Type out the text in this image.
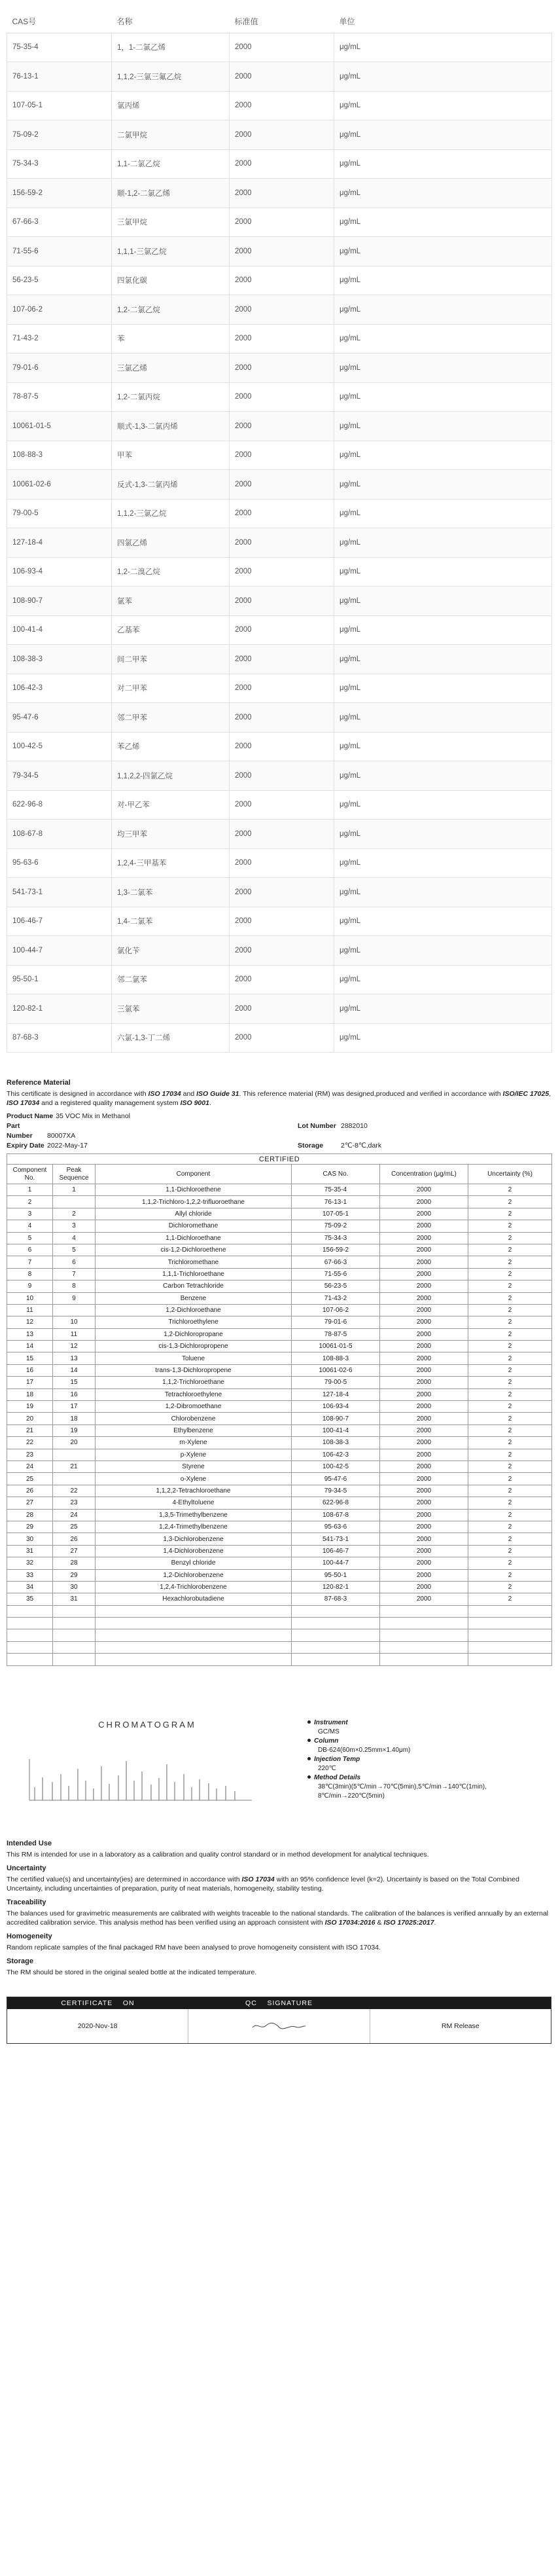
CAS号	名称	标准值	单位
75-35-4	1，1-二氯乙烯	2000	μg/mL
76-13-1	1,1,2-三氯三氟乙烷	2000	μg/mL
107-05-1	氯丙烯	2000	μg/mL
75-09-2	二氯甲烷	2000	μg/mL
75-34-3	1,1-二氯乙烷	2000	μg/mL
156-59-2	顺-1,2-二氯乙烯	2000	μg/mL
67-66-3	三氯甲烷	2000	μg/mL
71-55-6	1,1,1-三氯乙烷	2000	μg/mL
56-23-5	四氯化碳	2000	μg/mL
107-06-2	1,2-二氯乙烷	2000	μg/mL
71-43-2	苯	2000	μg/mL
79-01-6	三氯乙烯	2000	μg/mL
78-87-5	1,2-二氯丙烷	2000	μg/mL
10061-01-5	顺式-1,3-二氯丙烯	2000	μg/mL
108-88-3	甲苯	2000	μg/mL
10061-02-6	反式-1,3-二氯丙烯	2000	μg/mL
79-00-5	1,1,2-三氯乙烷	2000	μg/mL
127-18-4	四氯乙烯	2000	μg/mL
106-93-4	1,2-二溴乙烷	2000	μg/mL
108-90-7	氯苯	2000	μg/mL
100-41-4	乙基苯	2000	μg/mL
108-38-3	间二甲苯	2000	μg/mL
106-42-3	对二甲苯	2000	μg/mL
95-47-6	邻二甲苯	2000	μg/mL
100-42-5	苯乙烯	2000	μg/mL
79-34-5	1,1,2,2-四氯乙烷	2000	μg/mL
622-96-8	对-甲乙苯	2000	μg/mL
108-67-8	均三甲苯	2000	μg/mL
95-63-6	1,2,4-三甲基苯	2000	μg/mL
541-73-1	1,3-二氯苯	2000	μg/mL
106-46-7	1,4-二氯苯	2000	μg/mL
100-44-7	氯化苄	2000	μg/mL
95-50-1	邻二氯苯	2000	μg/mL
120-82-1	三氯苯	2000	μg/mL
87-68-3	六氯-1,3-丁二烯	2000	μg/mL
Reference Material
This certificate is designed in accordance with ISO 17034 and ISO Guide 31. This reference material (RM) was designed,produced and verified in accordance with ISO/IEC 17025, ISO 17034 and a registered quality management system ISO 9001.
Product Name 35 VOC Mix in Methanol
Part Number 80007XA
Lot Number 2882010
Expiry Date 2022-May-17	Storage	2℃-8℃,dark
CERTIFIED					
Component No.	Peak Sequence	Component	CAS No.	Concentration (μg/mL)	Uncertainty (%)
1	1	1,1-Dichloroethene	75-35-4	2000	2
2		1,1,2-Trichloro-1,2,2-trifluoroethane	76-13-1	2000	2
3	2	Allyl chloride	107-05-1	2000	2
4	3	Dichloromethane	75-09-2	2000	2
5	4	1,1-Dichloroethane	75-34-3	2000	2
6	5	cis-1,2-Dichloroethene	156-59-2	2000	2
7	6	Trichloromethane	67-66-3	2000	2
8	7	1,1,1-Trichloroethane	71-55-6	2000	2
9	8	Carbon Tetrachloride	56-23-5	2000	2
10	9	Benzene	71-43-2	2000	2
11		1,2-Dichloroethane	107-06-2	2000	2
12	10	Trichloroethylene	79-01-6	2000	2
13	11	1,2-Dichloropropane	78-87-5	2000	2
14	12	cis-1,3-Dichloropropene	10061-01-5	2000	2
15	13	Toluene	108-88-3	2000	2
16	14	trans-1,3-Dichloropropene	10061-02-6	2000	2
17	15	1,1,2-Trichloroethane	79-00-5	2000	2
18	16	Tetrachloroethylene	127-18-4	2000	2
19	17	1,2-Dibromoethane	106-93-4	2000	2
20	18	Chlorobenzene	108-90-7	2000	2
21	19	Ethylbenzene	100-41-4	2000	2
22	20	m-Xylene	108-38-3	2000	2
23		p-Xylene	106-42-3	2000	2
24	21	Styrene	100-42-5	2000	2
25		o-Xylene	95-47-6	2000	2
26	22	1,1,2,2-Tetrachloroethane	79-34-5	2000	2
27	23	4-Ethyltoluene	622-96-8	2000	2
28	24	1,3,5-Trimethylbenzene	108-67-8	2000	2
29	25	1,2,4-Trimethylbenzene	95-63-6	2000	2
30	26	1,3-Dichlorobenzene	541-73-1	2000	2
31	27	1,4-Dichlorobenzene	106-46-7	2000	2
32	28	Benzyl chloride	100-44-7	2000	2
33	29	1,2-Dichlorobenzene	95-50-1	2000	2
34	30	1,2,4-Trichlorobenzene	120-82-1	2000	2
35	31	Hexachlorobutadiene	87-68-3	2000	2

CHROMATOGRAM	Instrument
GC/MS
Column
DB-624(60m×0.25mm×1.40μm)
Injection Temp
220℃
Method Details
38℃(3min)(5℃/min→70℃(5min),5℃/min→140℃(1min), 8℃/min→220℃(5min)
Intended Use
This RM is intended for use in a laboratory as a calibration and quality control standard or in method development for analytical techniques.
Uncertainty
The certified value(s) and uncertainty(ies) are determined in accordance with ISO 17034 with an 95% confidence level (k=2). Uncertainty is based on the Total Combined Uncertainty, including uncertainties of preparation, purity of neat materials, homogeneity, stability testing.
Traceability
The balances used for gravimetric measurements are calibrated with weights traceable to the national standards. The calibration of the balances is verified annually by an external accredited calibration service. This analysis method has been verified using an approach consistent with ISO 17034:2016 & ISO 17025:2017.
Homogeneity
Random replicate samples of the final packaged RM have been analysed to prove homogeneity consistent with ISO 17034.
Storage
The RM should be stored in the original sealed bottle at the indicated temperature.
CERTIFICATE    ON	QC    SIGNATURE
2020-Nov-18	RM Release
